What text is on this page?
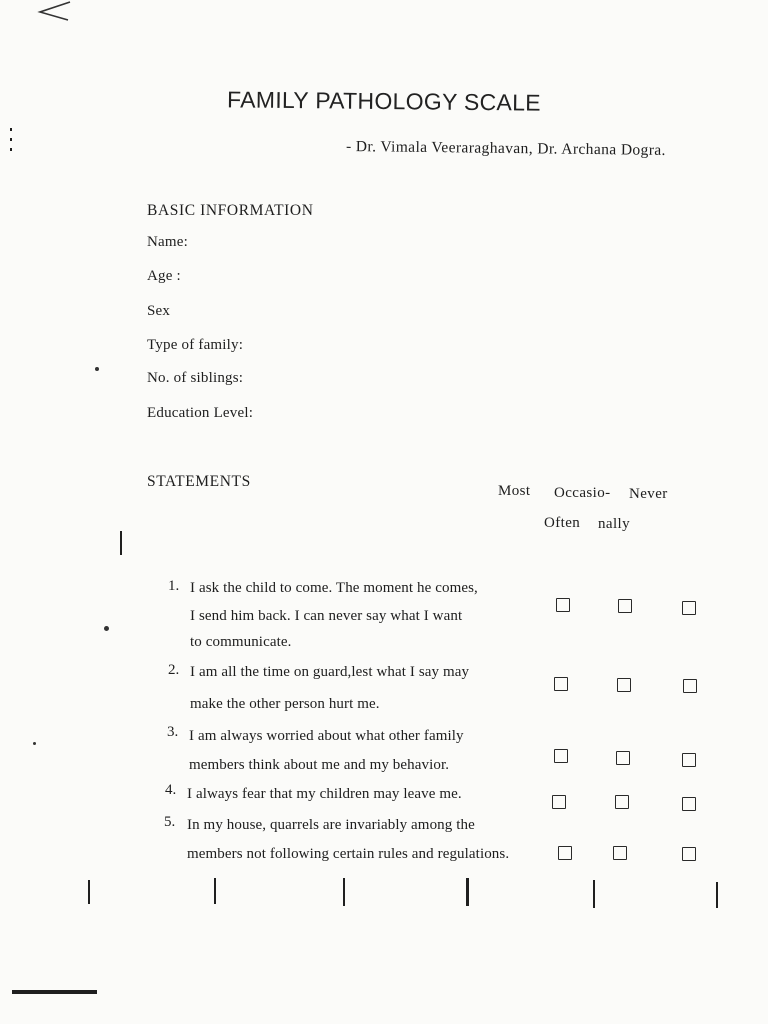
FAMILY PATHOLOGY SCALE
- Dr. Vimala Veeraraghavan, Dr. Archana Dogra.
BASIC INFORMATION
Name:
Age :
Sex
Type of family:
No. of siblings:
Education Level:
STATEMENTS
Most
Often
Occasio-
nally
Never
1. I ask the child to come. The moment he comes,
I send him back. I can never say what I want
to communicate.
2. I am all the time on guard,lest what I say may
make the other person hurt me.
3. I am always worried about what other family
members think about me and my behavior.
4. I always fear that my children may leave me.
5. In my house, quarrels are invariably among the
members not following certain rules and regulations.
